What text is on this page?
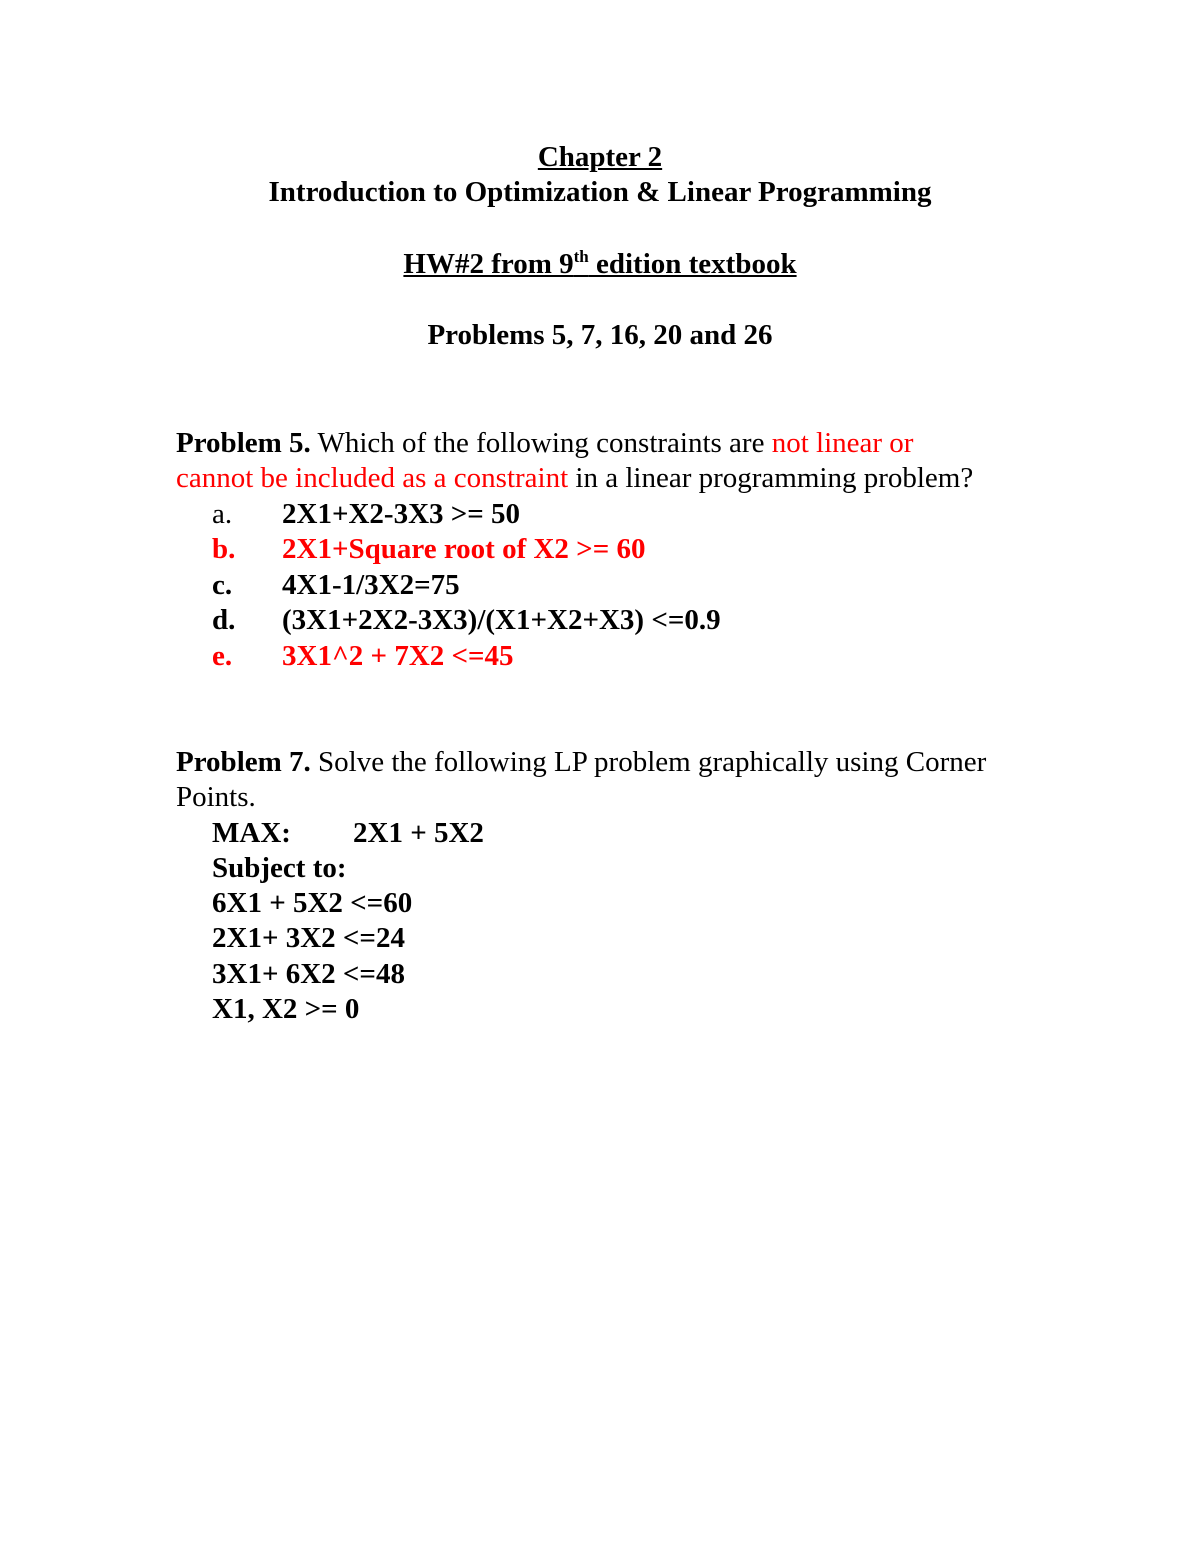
Chapter 2
Introduction to Optimization & Linear Programming
HW#2 from 9th edition textbook
Problems 5, 7, 16, 20 and 26
Problem 5. Which of the following constraints are not linear or
cannot be included as a constraint in a linear programming problem?
a. 2X1+X2-3X3 >= 50
b. 2X1+Square root of X2 >= 60
c. 4X1-1/3X2=75
d. (3X1+2X2-3X3)/(X1+X2+X3) <=0.9
e. 3X1^2 + 7X2 <=45
Problem 7. Solve the following LP problem graphically using Corner
Points.
MAX: 2X1 + 5X2
Subject to:
6X1 + 5X2 <=60
2X1+ 3X2 <=24
3X1+ 6X2 <=48
X1, X2 >= 0
